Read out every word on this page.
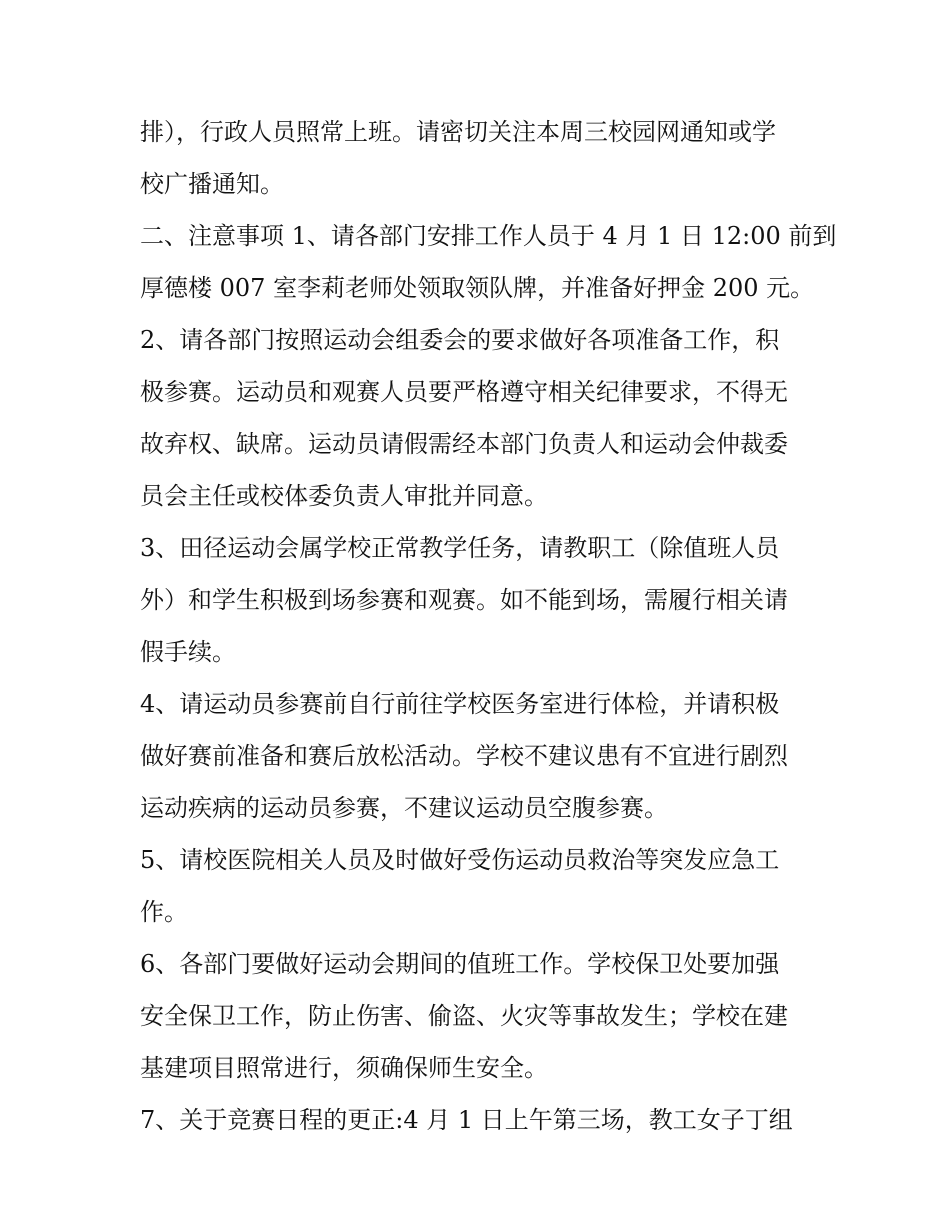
排），行政人员照常上班。请密切关注本周三校园网通知或学
校广播通知。

二、注意事项 1、请各部门安排工作人员于 4 月 1 日 12:00 前到
厚德楼 007 室李莉老师处领取领队牌，并准备好押金 200 元。

2、请各部门按照运动会组委会的要求做好各项准备工作，积
极参赛。运动员和观赛人员要严格遵守相关纪律要求，不得无
故弃权、缺席。运动员请假需经本部门负责人和运动会仲裁委
员会主任或校体委负责人审批并同意。

3、田径运动会属学校正常教学任务，请教职工（除值班人员
外）和学生积极到场参赛和观赛。如不能到场，需履行相关请
假手续。

4、请运动员参赛前自行前往学校医务室进行体检，并请积极
做好赛前准备和赛后放松活动。学校不建议患有不宜进行剧烈
运动疾病的运动员参赛，不建议运动员空腹参赛。

5、请校医院相关人员及时做好受伤运动员救治等突发应急工
作。

6、各部门要做好运动会期间的值班工作。学校保卫处要加强
安全保卫工作，防止伤害、偷盗、火灾等事故发生；学校在建
基建项目照常进行，须确保师生安全。

7、关于竞赛日程的更正:4 月 1 日上午第三场，教工女子丁组
